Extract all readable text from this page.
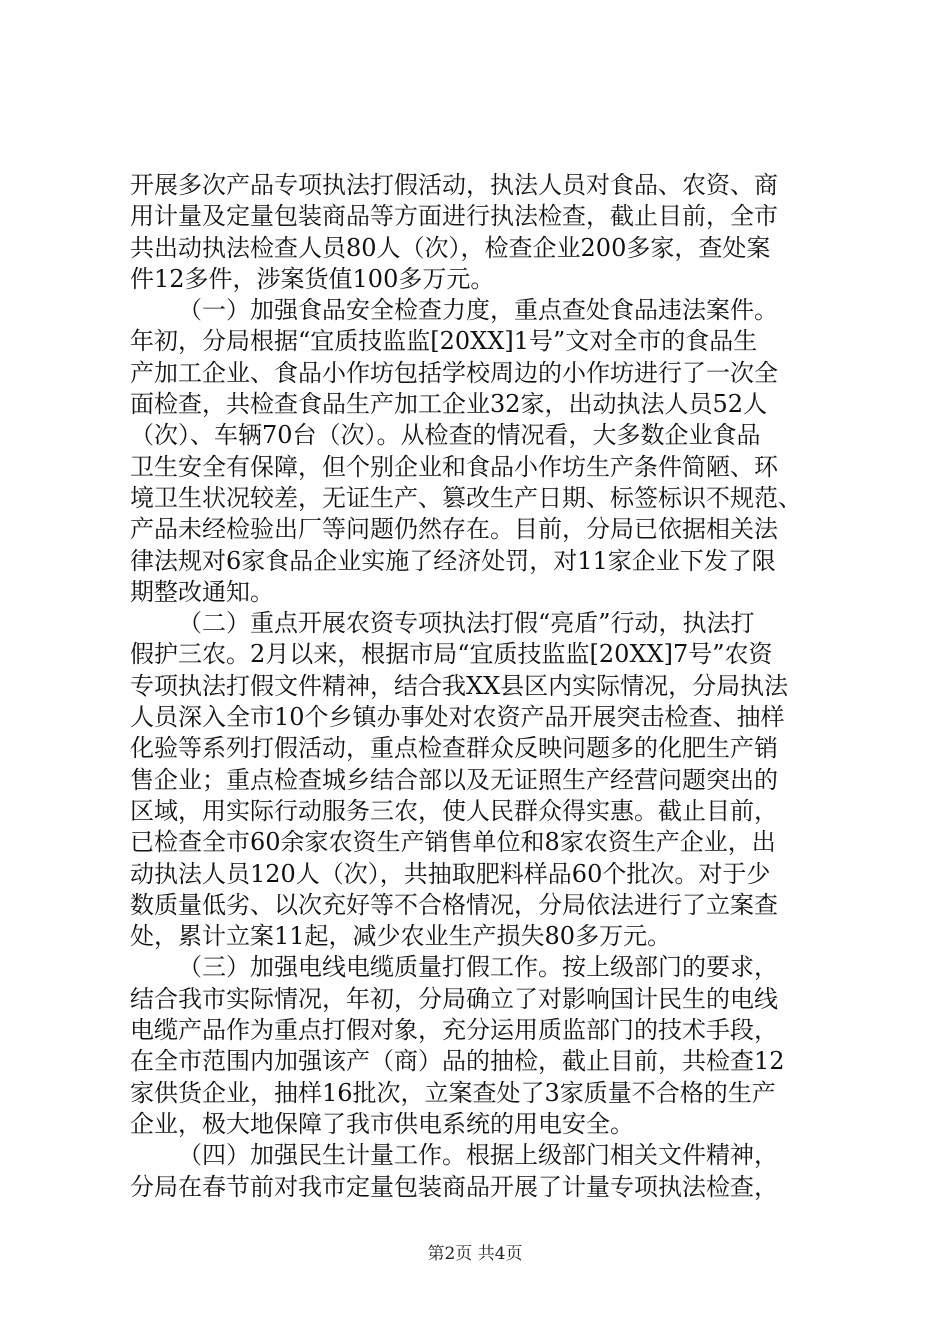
开展多次产品专项执法打假活动，执法人员对食品、农资、商
用计量及定量包装商品等方面进行执法检查，截止目前，全市
共出动执法检查人员80人（次），检查企业200多家，查处案
件12多件，涉案货值100多万元。
（一）加强食品安全检查力度，重点查处食品违法案件。
年初，分局根据“宜质技监监[20XX]1号”文对全市的食品生
产加工企业、食品小作坊包括学校周边的小作坊进行了一次全
面检查，共检查食品生产加工企业32家，出动执法人员52人
（次）、车辆70台（次）。从检查的情况看，大多数企业食品
卫生安全有保障，但个别企业和食品小作坊生产条件简陋、环
境卫生状况较差，无证生产、篡改生产日期、标签标识不规范、
产品未经检验出厂等问题仍然存在。目前，分局已依据相关法
律法规对6家食品企业实施了经济处罚，对11家企业下发了限
期整改通知。
（二）重点开展农资专项执法打假“亮盾”行动，执法打
假护三农。2月以来，根据市局“宜质技监监[20XX]7号”农资
专项执法打假文件精神，结合我XX县区内实际情况，分局执法
人员深入全市10个乡镇办事处对农资产品开展突击检查、抽样
化验等系列打假活动，重点检查群众反映问题多的化肥生产销
售企业；重点检查城乡结合部以及无证照生产经营问题突出的
区域，用实际行动服务三农，使人民群众得实惠。截止目前，
已检查全市60余家农资生产销售单位和8家农资生产企业，出
动执法人员120人（次），共抽取肥料样品60个批次。对于少
数质量低劣、以次充好等不合格情况，分局依法进行了立案查
处，累计立案11起，减少农业生产损失80多万元。
（三）加强电线电缆质量打假工作。按上级部门的要求，
结合我市实际情况，年初，分局确立了对影响国计民生的电线
电缆产品作为重点打假对象，充分运用质监部门的技术手段，
在全市范围内加强该产（商）品的抽检，截止目前，共检查12
家供货企业，抽样16批次，立案查处了3家质量不合格的生产
企业，极大地保障了我市供电系统的用电安全。
（四）加强民生计量工作。根据上级部门相关文件精神，
分局在春节前对我市定量包装商品开展了计量专项执法检查，
第2页 共4页
